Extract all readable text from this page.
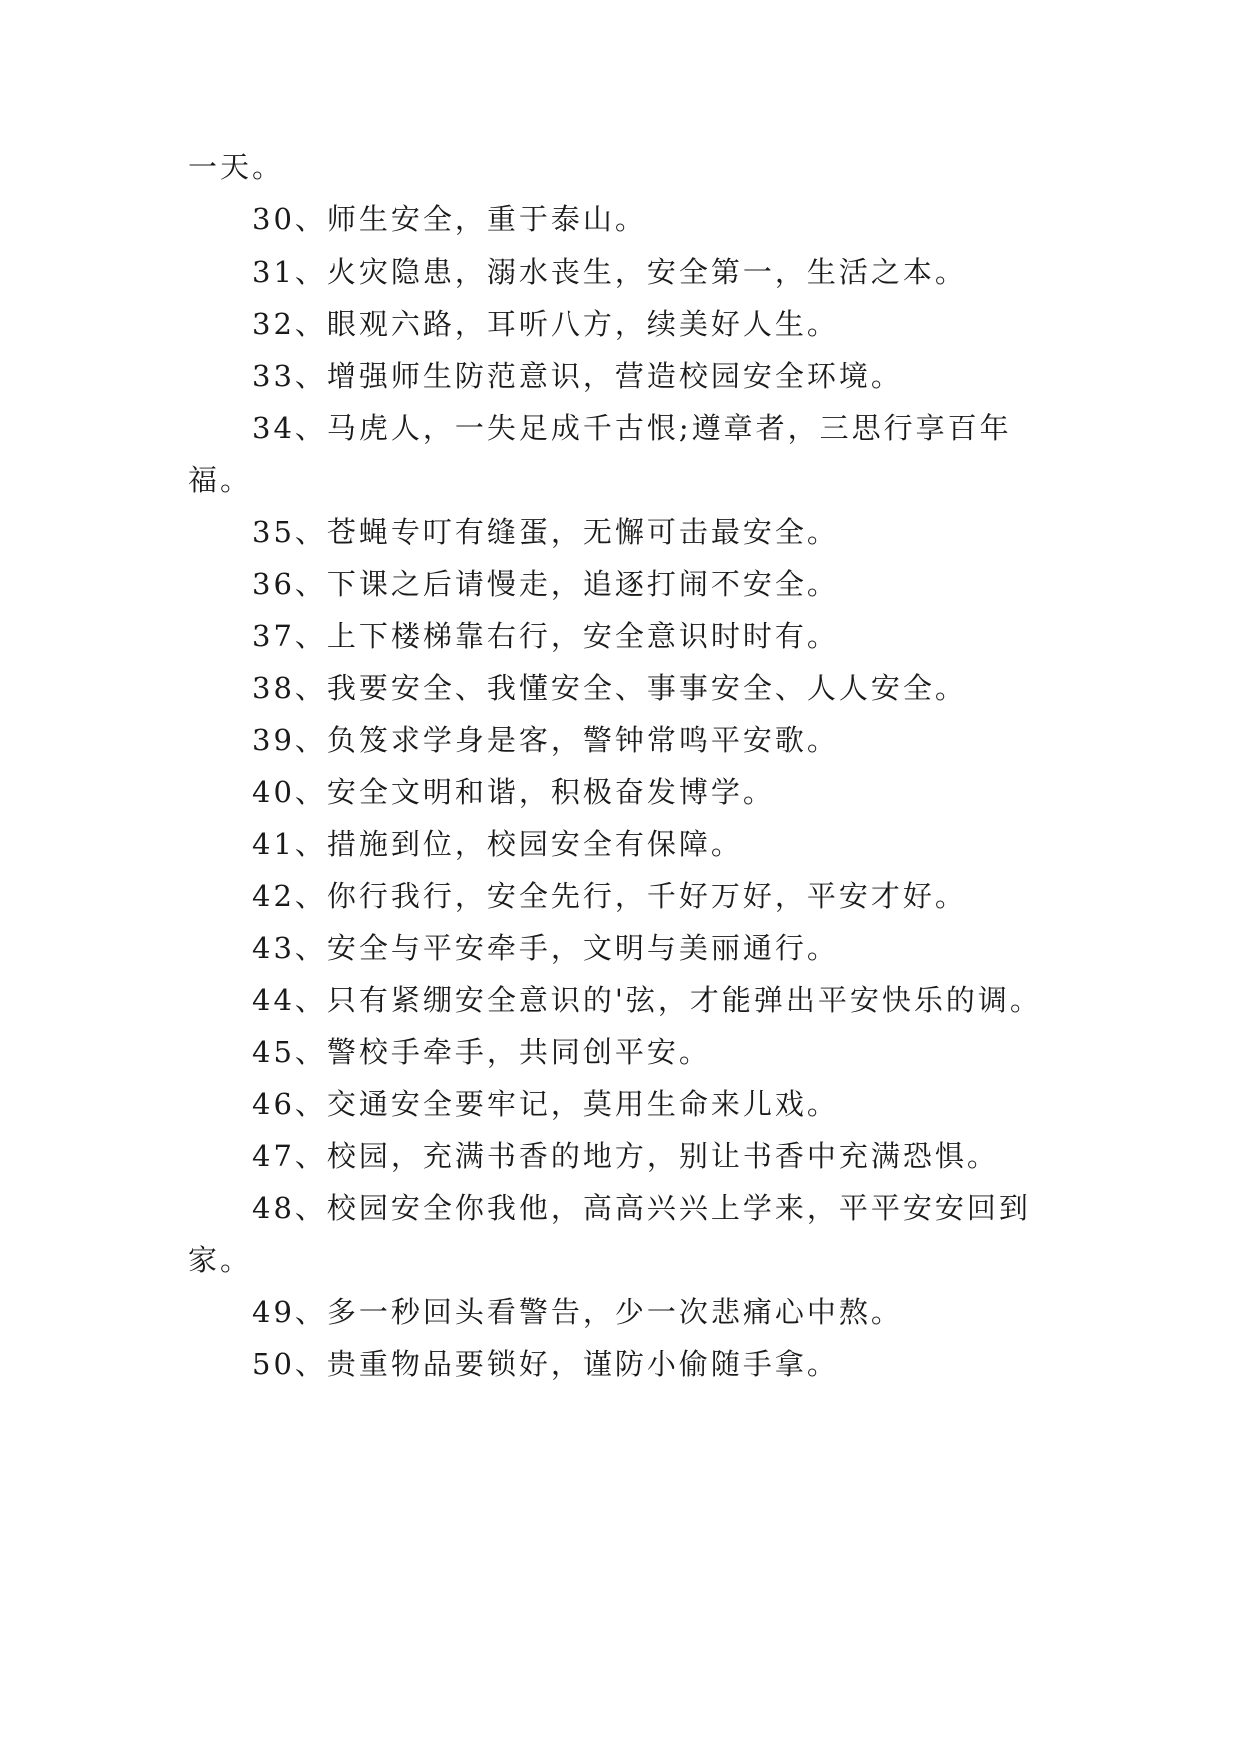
一天。
30、师生安全，重于泰山。
31、火灾隐患，溺水丧生，安全第一，生活之本。
32、眼观六路，耳听八方，续美好人生。
33、增强师生防范意识，营造校园安全环境。
34、马虎人，一失足成千古恨;遵章者，三思行享百年
福。
35、苍蝇专叮有缝蛋，无懈可击最安全。
36、下课之后请慢走，追逐打闹不安全。
37、上下楼梯靠右行，安全意识时时有。
38、我要安全、我懂安全、事事安全、人人安全。
39、负笈求学身是客，警钟常鸣平安歌。
40、安全文明和谐，积极奋发博学。
41、措施到位，校园安全有保障。
42、你行我行，安全先行，千好万好，平安才好。
43、安全与平安牵手，文明与美丽通行。
44、只有紧绷安全意识的'弦，才能弹出平安快乐的调。
45、警校手牵手，共同创平安。
46、交通安全要牢记，莫用生命来儿戏。
47、校园，充满书香的地方，别让书香中充满恐惧。
48、校园安全你我他，高高兴兴上学来，平平安安回到
家。
49、多一秒回头看警告，少一次悲痛心中熬。
50、贵重物品要锁好，谨防小偷随手拿。
